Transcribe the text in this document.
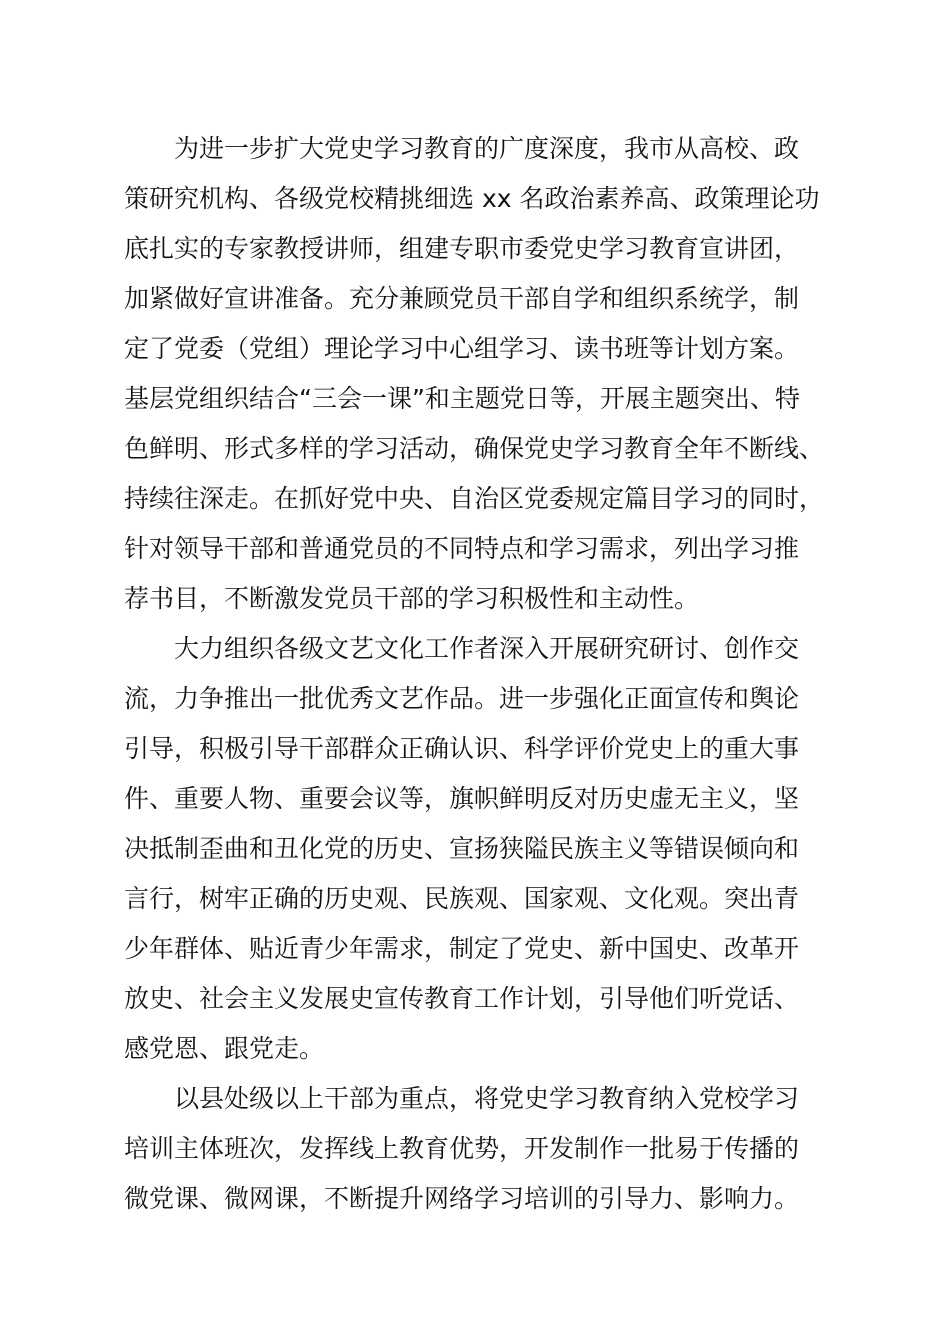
为进一步扩大党史学习教育的广度深度，我市从高校、政
策研究机构、各级党校精挑细选 xx 名政治素养高、政策理论功
底扎实的专家教授讲师，组建专职市委党史学习教育宣讲团，
加紧做好宣讲准备。充分兼顾党员干部自学和组织系统学，制
定了党委（党组）理论学习中心组学习、读书班等计划方案。
基层党组织结合“三会一课”和主题党日等，开展主题突出、特
色鲜明、形式多样的学习活动，确保党史学习教育全年不断线、
持续往深走。在抓好党中央、自治区党委规定篇目学习的同时，
针对领导干部和普通党员的不同特点和学习需求，列出学习推
荐书目，不断激发党员干部的学习积极性和主动性。
大力组织各级文艺文化工作者深入开展研究研讨、创作交
流，力争推出一批优秀文艺作品。进一步强化正面宣传和舆论
引导，积极引导干部群众正确认识、科学评价党史上的重大事
件、重要人物、重要会议等，旗帜鲜明反对历史虚无主义，坚
决抵制歪曲和丑化党的历史、宣扬狭隘民族主义等错误倾向和
言行，树牢正确的历史观、民族观、国家观、文化观。突出青
少年群体、贴近青少年需求，制定了党史、新中国史、改革开
放史、社会主义发展史宣传教育工作计划，引导他们听党话、
感党恩、跟党走。
以县处级以上干部为重点，将党史学习教育纳入党校学习
培训主体班次，发挥线上教育优势，开发制作一批易于传播的
微党课、微网课，不断提升网络学习培训的引导力、影响力。
